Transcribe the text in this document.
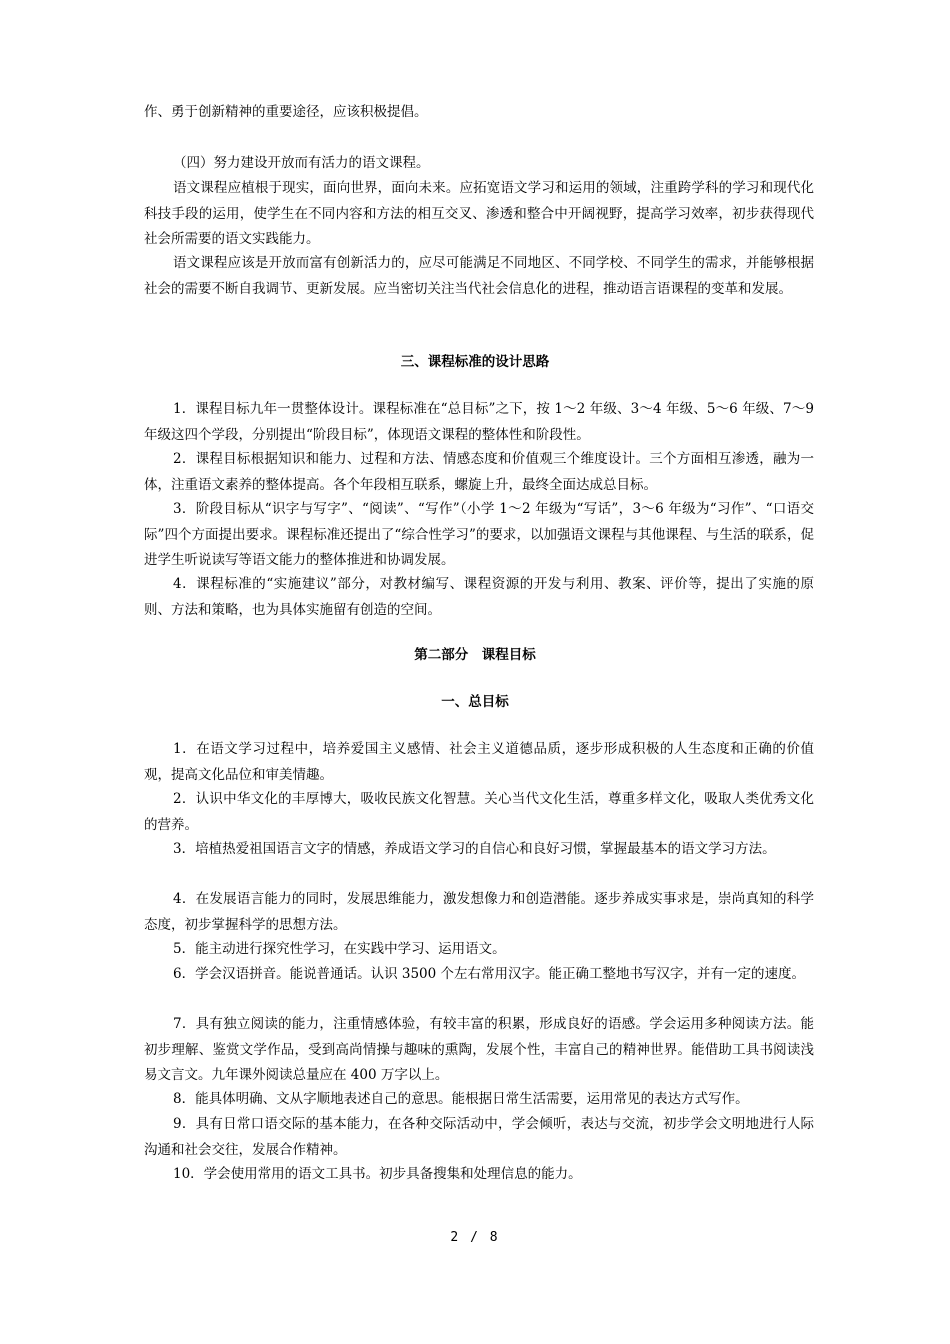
作、勇于创新精神的重要途径，应该积极提倡。

（四）努力建设开放而有活力的语文课程。

语文课程应植根于现实，面向世界，面向未来。应拓宽语文学习和运用的领域，注重跨学科的学习和现代化科技手段的运用，使学生在不同内容和方法的相互交叉、渗透和整合中开阔视野，提高学习效率，初步获得现代社会所需要的语文实践能力。

语文课程应该是开放而富有创新活力的，应尽可能满足不同地区、不同学校、不同学生的需求，并能够根据社会的需要不断自我调节、更新发展。应当密切关注当代社会信息化的进程，推动语言语课程的变革和发展。

三、课程标准的设计思路

1．课程目标九年一贯整体设计。课程标准在“总目标”之下，按 1～2 年级、3～4 年级、5～6 年级、7～9 年级这四个学段，分别提出“阶段目标”，体现语文课程的整体性和阶段性。

2．课程目标根据知识和能力、过程和方法、情感态度和价值观三个维度设计。三个方面相互渗透，融为一体，注重语文素养的整体提高。各个年段相互联系，螺旋上升，最终全面达成总目标。

3．阶段目标从“识字与写字”、“阅读”、“写作”（小学 1～2 年级为“写话”，3～6 年级为“习作”、“口语交际”四个方面提出要求。课程标准还提出了“综合性学习”的要求，以加强语文课程与其他课程、与生活的联系，促进学生听说读写等语文能力的整体推进和协调发展。

4．课程标准的“实施建议”部分，对教材编写、课程资源的开发与利用、教案、评价等，提出了实施的原则、方法和策略，也为具体实施留有创造的空间。

第二部分　课程目标
一、总目标

1．在语文学习过程中，培养爱国主义感情、社会主义道德品质，逐步形成积极的人生态度和正确的价值观，提高文化品位和审美情趣。

2．认识中华文化的丰厚博大，吸收民族文化智慧。关心当代文化生活，尊重多样文化，吸取人类优秀文化的营养。

3．培植热爱祖国语言文字的情感，养成语文学习的自信心和良好习惯，掌握最基本的语文学习方法。

4．在发展语言能力的同时，发展思维能力，激发想像力和创造潜能。逐步养成实事求是，崇尚真知的科学态度，初步掌握科学的思想方法。

5．能主动进行探究性学习，在实践中学习、运用语文。

6．学会汉语拼音。能说普通话。认识 3500 个左右常用汉字。能正确工整地书写汉字，并有一定的速度。

7．具有独立阅读的能力，注重情感体验，有较丰富的积累，形成良好的语感。学会运用多种阅读方法。能初步理解、鉴赏文学作品，受到高尚情操与趣味的熏陶，发展个性，丰富自己的精神世界。能借助工具书阅读浅易文言文。九年课外阅读总量应在 400 万字以上。

8．能具体明确、文从字顺地表述自己的意思。能根据日常生活需要，运用常见的表达方式写作。

9．具有日常口语交际的基本能力，在各种交际活动中，学会倾听，表达与交流，初步学会文明地进行人际沟通和社会交往，发展合作精神。

10．学会使用常用的语文工具书。初步具备搜集和处理信息的能力。

2 / 8
